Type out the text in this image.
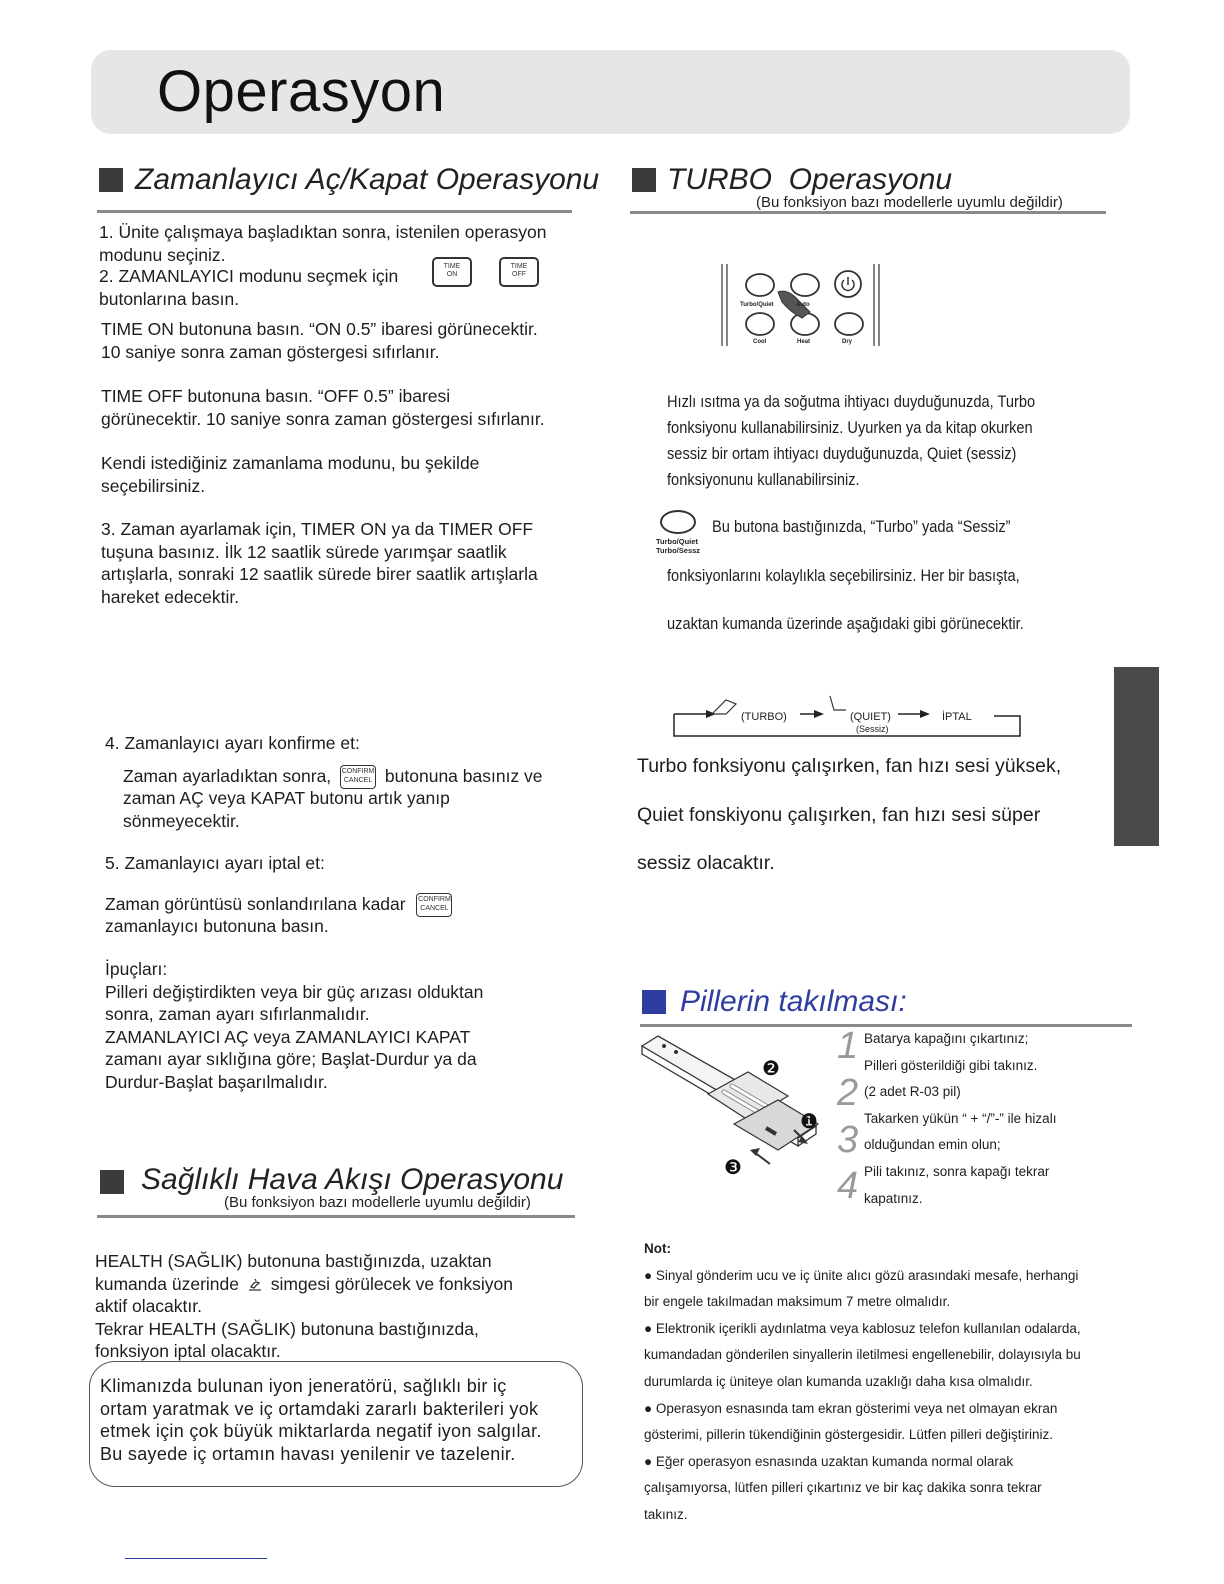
Operasyon
Zamanlayıcı Aç/Kapat Operasyonu
1. Ünite çalışmaya başladıktan sonra, istenilen operasyon
modunu seçiniz.
2. ZAMANLAYICI modunu seçmek için	TIME
ON
TIME
OFF
butonlarına basın.
TIME ON butonuna basın. “ON 0.5” ibaresi görünecektir.
10 saniye sonra zaman göstergesi sıfırlanır.
TIME OFF butonuna basın. “OFF 0.5” ibaresi
görünecektir. 10 saniye sonra zaman göstergesi sıfırlanır.
Kendi istediğiniz zamanlama modunu, bu şekilde
seçebilirsiniz.
3. Zaman ayarlamak için, TIMER ON ya da TIMER OFF
tuşuna basınız. İlk 12 saatlik sürede yarımşar saatlik
artışlarla, sonraki 12 saatlik sürede birer saatlik artışlarla
hareket edecektir.
4. Zamanlayıcı ayarı konfirme et:
Zaman ayarladıktan sonra, CONFIRM
CANCEL butonuna basınız ve
zaman AÇ veya KAPAT butonu artık yanıp
sönmeyecektir.
5. Zamanlayıcı ayarı iptal et:
Zaman görüntüsü sonlandırılana kadar CONFIRM
CANCEL
zamanlayıcı butonuna basın.
İpuçları:
Pilleri değiştirdikten veya bir güç arızası olduktan
sonra, zaman ayarı sıfırlanmalıdır.
ZAMANLAYICI AÇ veya ZAMANLAYICI KAPAT
zamanı ayar sıklığına göre; Başlat-Durdur ya da
Durdur-Başlat başarılmalıdır.
Sağlıklı Hava Akışı Operasyonu
(Bu fonksiyon bazı modellerle uyumlu değildir)
HEALTH (SAĞLIK) butonuna bastığınızda, uzaktan
kumanda üzerinde simgesi görülecek ve fonksiyon
aktif olacaktır.
Tekrar HEALTH (SAĞLIK) butonuna bastığınızda,
fonksiyon iptal olacaktır.
Klimanızda bulunan iyon jeneratörü, sağlıklı bir iç
ortam yaratmak ve iç ortamdaki zararlı bakterileri yok
etmek için çok büyük miktarlarda negatif iyon salgılar.
Bu sayede iç ortamın havası yenilenir ve tazelenir.
TURBO  Operasyonu
(Bu fonksiyon bazı modellerle uyumlu değildir)
Turbo/Quiet	Auto
Cool	Heat	Dry
Hızlı ısıtma ya da soğutma ihtiyacı duyduğunuzda, Turbo
fonksiyonu kullanabilirsiniz. Uyurken ya da kitap okurken
sessiz bir ortam ihtiyacı duyduğunuzda, Quiet (sessiz)
fonksiyonunu kullanabilirsiniz.
Turbo/Quiet
Turbo/Sessz
Bu butona bastığınızda, “Turbo” yada “Sessiz”
fonksiyonlarını kolaylıkla seçebilirsiniz. Her bir basışta,
uzaktan kumanda üzerinde aşağıdaki gibi görünecektir.
(TURBO)	(QUIET)
(Sessiz)
İPTAL
Turbo fonksiyonu çalışırken, fan hızı sesi yüksek,
Quiet fonskiyonu çalışırken, fan hızı sesi süper
sessiz olacaktır.
Pillerin takılması:
❷
❶
❸
1
2
3
4
Batarya kapağını çıkartınız;
Pilleri gösterildiği gibi takınız.
(2 adet R-03 pil)
Takarken yükün “ + “/”-” ile hizalı
olduğundan emin olun;
Pili takınız, sonra kapağı tekrar
kapatınız.
Not:
● Sinyal gönderim ucu ve iç ünite alıcı gözü arasındaki mesafe, herhangi
bir engele takılmadan maksimum 7 metre olmalıdır.
● Elektronik içerikli aydınlatma veya kablosuz telefon kullanılan odalarda,
kumandadan gönderilen sinyallerin iletilmesi engellenebilir, dolayısıyla bu
durumlarda iç üniteye olan kumanda uzaklığı daha kısa olmalıdır.
● Operasyon esnasında tam ekran gösterimi veya net olmayan ekran
gösterimi, pillerin tükendiğinin göstergesidir. Lütfen pilleri değiştiriniz.
● Eğer operasyon esnasında uzaktan kumanda normal olarak
çalışamıyorsa, lütfen pilleri çıkartınız ve bir kaç dakika sonra tekrar
takınız.
